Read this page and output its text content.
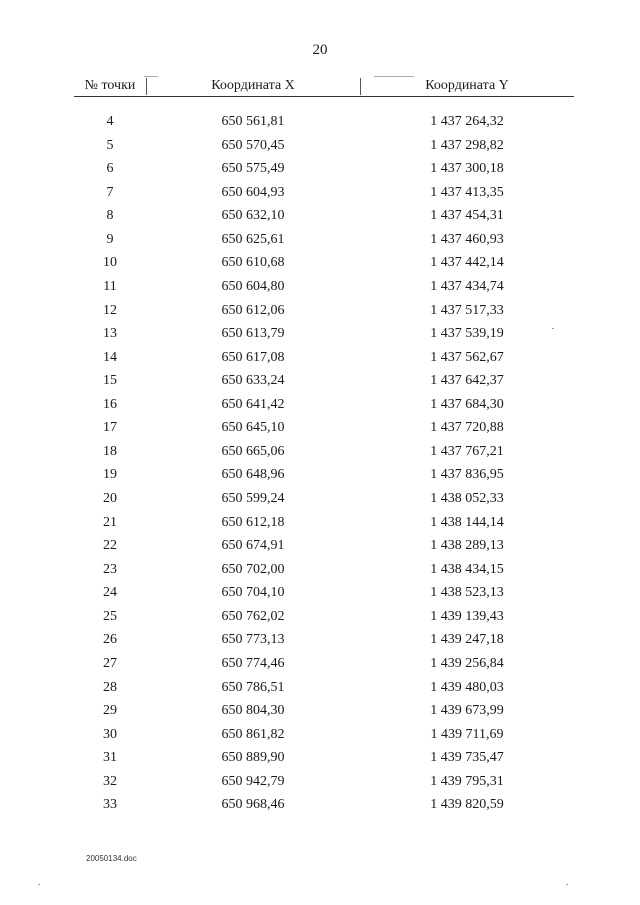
20
№ точки	Координата X	Координата Y
4	650 561,81	1 437 264,32
5	650 570,45	1 437 298,82
6	650 575,49	1 437 300,18
7	650 604,93	1 437 413,35
8	650 632,10	1 437 454,31
9	650 625,61	1 437 460,93
10	650 610,68	1 437 442,14
11	650 604,80	1 437 434,74
12	650 612,06	1 437 517,33
13	650 613,79	1 437 539,19
14	650 617,08	1 437 562,67
15	650 633,24	1 437 642,37
16	650 641,42	1 437 684,30
17	650 645,10	1 437 720,88
18	650 665,06	1 437 767,21
19	650 648,96	1 437 836,95
20	650 599,24	1 438 052,33
21	650 612,18	1 438 144,14
22	650 674,91	1 438 289,13
23	650 702,00	1 438 434,15
24	650 704,10	1 438 523,13
25	650 762,02	1 439 139,43
26	650 773,13	1 439 247,18
27	650 774,46	1 439 256,84
28	650 786,51	1 439 480,03
29	650 804,30	1 439 673,99
30	650 861,82	1 439 711,69
31	650 889,90	1 439 735,47
32	650 942,79	1 439 795,31
33	650 968,46	1 439 820,59
20050134.doc
